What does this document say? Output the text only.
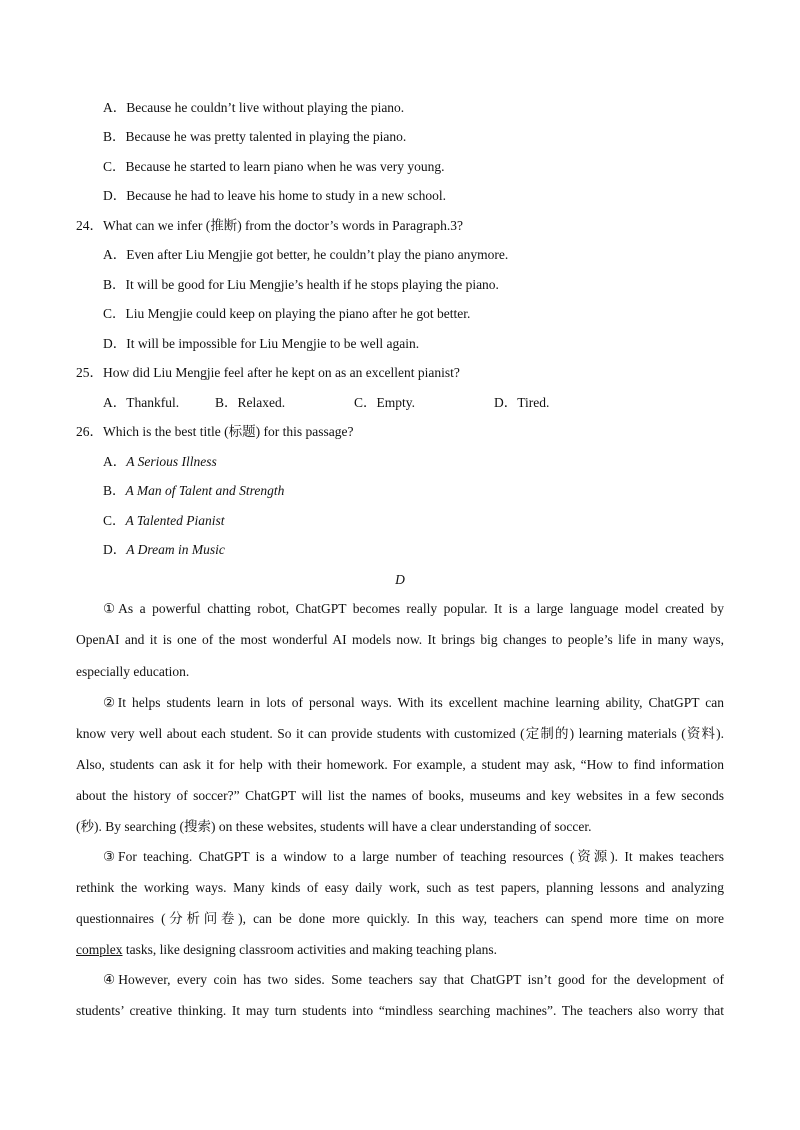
A．Because he couldn’t live without playing the piano.
B．Because he was pretty talented in playing the piano.
C．Because he started to learn piano when he was very young.
D．Because he had to leave his home to study in a new school.
24．What can we infer (推断) from the doctor’s words in Paragraph.3?
A．Even after Liu Mengjie got better, he couldn’t play the piano anymore.
B．It will be good for Liu Mengjie’s health if he stops playing the piano.
C．Liu Mengjie could keep on playing the piano after he got better.
D．It will be impossible for Liu Mengjie to be well again.
25．How did Liu Mengjie feel after he kept on as an excellent pianist?
A．Thankful.	B．Relaxed.	C．Empty.	D．Tired.
26．Which is the best title (标题) for this passage?
A．A Serious Illness
B．A Man of Talent and Strength
C．A Talented Pianist
D．A Dream in Music
D
①As a powerful chatting robot, ChatGPT becomes really popular. It is a large language model created by
OpenAI and it is one of the most wonderful AI models now. It brings big changes to people’s life in many ways,
especially education.
②It helps students learn in lots of personal ways. With its excellent machine learning ability, ChatGPT can
know very well about each student. So it can provide students with customized (定制的) learning materials (资料).
Also, students can ask it for help with their homework. For example, a student may ask, “How to find information
about the history of soccer?” ChatGPT will list the names of books, museums and key websites in a few seconds
(秒). By searching (搜索) on these websites, students will have a clear understanding of soccer.
③For teaching. ChatGPT is a window to a large number of teaching resources (资源). It makes teachers
rethink the working ways. Many kinds of easy daily work, such as test papers, planning lessons and analyzing
questionnaires (分析问卷), can be done more quickly. In this way, teachers can spend more time on more
complex tasks, like designing classroom activities and making teaching plans.
④However, every coin has two sides. Some teachers say that ChatGPT isn’t good for the development of
students’ creative thinking. It may turn students into “mindless searching machines”. The teachers also worry that
